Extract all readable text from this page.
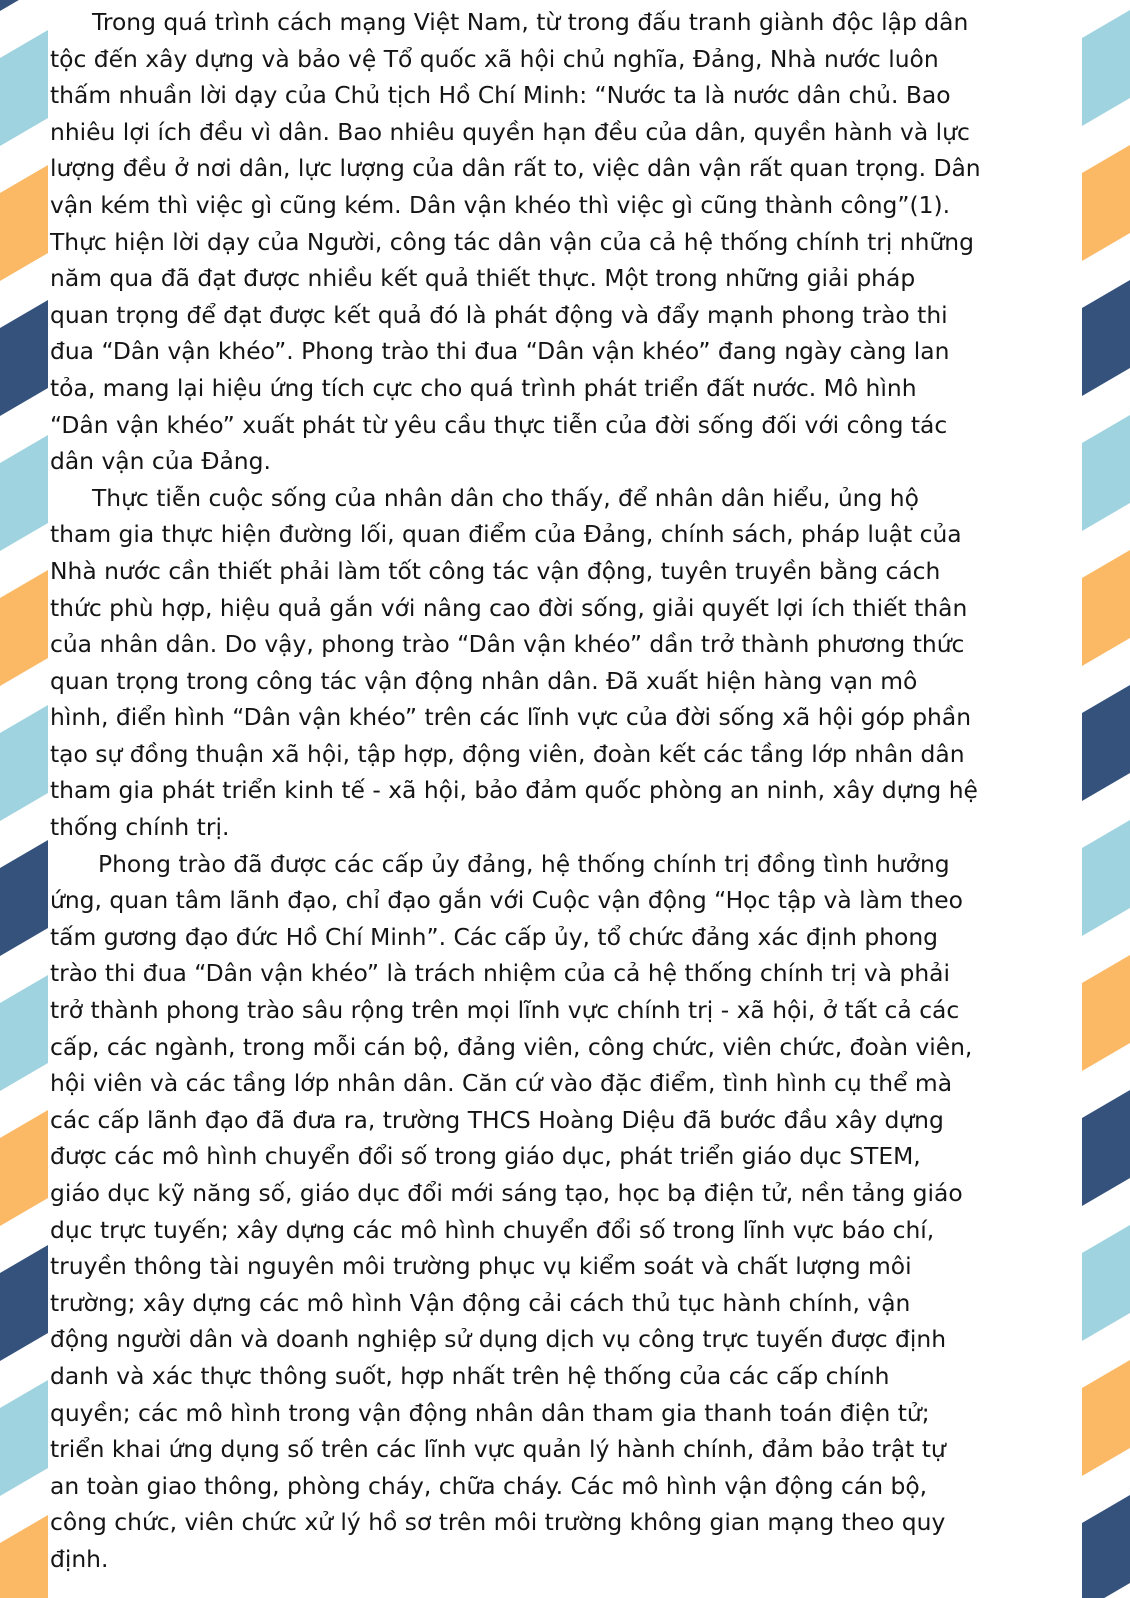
Trong quá trình cách mạng Việt Nam, từ trong đấu tranh giành độc lập dân
tộc đến xây dựng và bảo vệ Tổ quốc xã hội chủ nghĩa, Đảng, Nhà nước luôn
thấm nhuần lời dạy của Chủ tịch Hồ Chí Minh: “Nước ta là nước dân chủ. Bao
nhiêu lợi ích đều vì dân. Bao nhiêu quyền hạn đều của dân, quyền hành và lực
lượng đều ở nơi dân, lực lượng của dân rất to, việc dân vận rất quan trọng. Dân
vận kém thì việc gì cũng kém. Dân vận khéo thì việc gì cũng thành công”(1).
Thực hiện lời dạy của Người, công tác dân vận của cả hệ thống chính trị những
năm qua đã đạt được nhiều kết quả thiết thực. Một trong những giải pháp
quan trọng để đạt được kết quả đó là phát động và đẩy mạnh phong trào thi
đua “Dân vận khéo”. Phong trào thi đua “Dân vận khéo” đang ngày càng lan
tỏa, mang lại hiệu ứng tích cực cho quá trình phát triển đất nước. Mô hình
“Dân vận khéo” xuất phát từ yêu cầu thực tiễn của đời sống đối với công tác
dân vận của Đảng.
Thực tiễn cuộc sống của nhân dân cho thấy, để nhân dân hiểu, ủng hộ
tham gia thực hiện đường lối, quan điểm của Đảng, chính sách, pháp luật của
Nhà nước cần thiết phải làm tốt công tác vận động, tuyên truyền bằng cách
thức phù hợp, hiệu quả gắn với nâng cao đời sống, giải quyết lợi ích thiết thân
của nhân dân. Do vậy, phong trào “Dân vận khéo” dần trở thành phương thức
quan trọng trong công tác vận động nhân dân. Đã xuất hiện hàng vạn mô
hình, điển hình “Dân vận khéo” trên các lĩnh vực của đời sống xã hội góp phần
tạo sự đồng thuận xã hội, tập hợp, động viên, đoàn kết các tầng lớp nhân dân
tham gia phát triển kinh tế - xã hội, bảo đảm quốc phòng an ninh, xây dựng hệ
thống chính trị.
Phong trào đã được các cấp ủy đảng, hệ thống chính trị đồng tình hưởng
ứng, quan tâm lãnh đạo, chỉ đạo gắn với Cuộc vận động “Học tập và làm theo
tấm gương đạo đức Hồ Chí Minh”. Các cấp ủy, tổ chức đảng xác định phong
trào thi đua “Dân vận khéo” là trách nhiệm của cả hệ thống chính trị và phải
trở thành phong trào sâu rộng trên mọi lĩnh vực chính trị - xã hội, ở tất cả các
cấp, các ngành, trong mỗi cán bộ, đảng viên, công chức, viên chức, đoàn viên,
hội viên và các tầng lớp nhân dân. Căn cứ vào đặc điểm, tình hình cụ thể mà
các cấp lãnh đạo đã đưa ra, trường THCS Hoàng Diệu đã bước đầu xây dựng
được các mô hình chuyển đổi số trong giáo dục, phát triển giáo dục STEM,
giáo dục kỹ năng số, giáo dục đổi mới sáng tạo, học bạ điện tử, nền tảng giáo
dục trực tuyến; xây dựng các mô hình chuyển đổi số trong lĩnh vực báo chí,
truyền thông tài nguyên môi trường phục vụ kiểm soát và chất lượng môi
trường; xây dựng các mô hình Vận động cải cách thủ tục hành chính, vận
động người dân và doanh nghiệp sử dụng dịch vụ công trực tuyến được định
danh và xác thực thông suốt, hợp nhất trên hệ thống của các cấp chính
quyền; các mô hình trong vận động nhân dân tham gia thanh toán điện tử;
triển khai ứng dụng số trên các lĩnh vực quản lý hành chính, đảm bảo trật tự
an toàn giao thông, phòng cháy, chữa cháy. Các mô hình vận động cán bộ,
công chức, viên chức xử lý hồ sơ trên môi trường không gian mạng theo quy
định.
